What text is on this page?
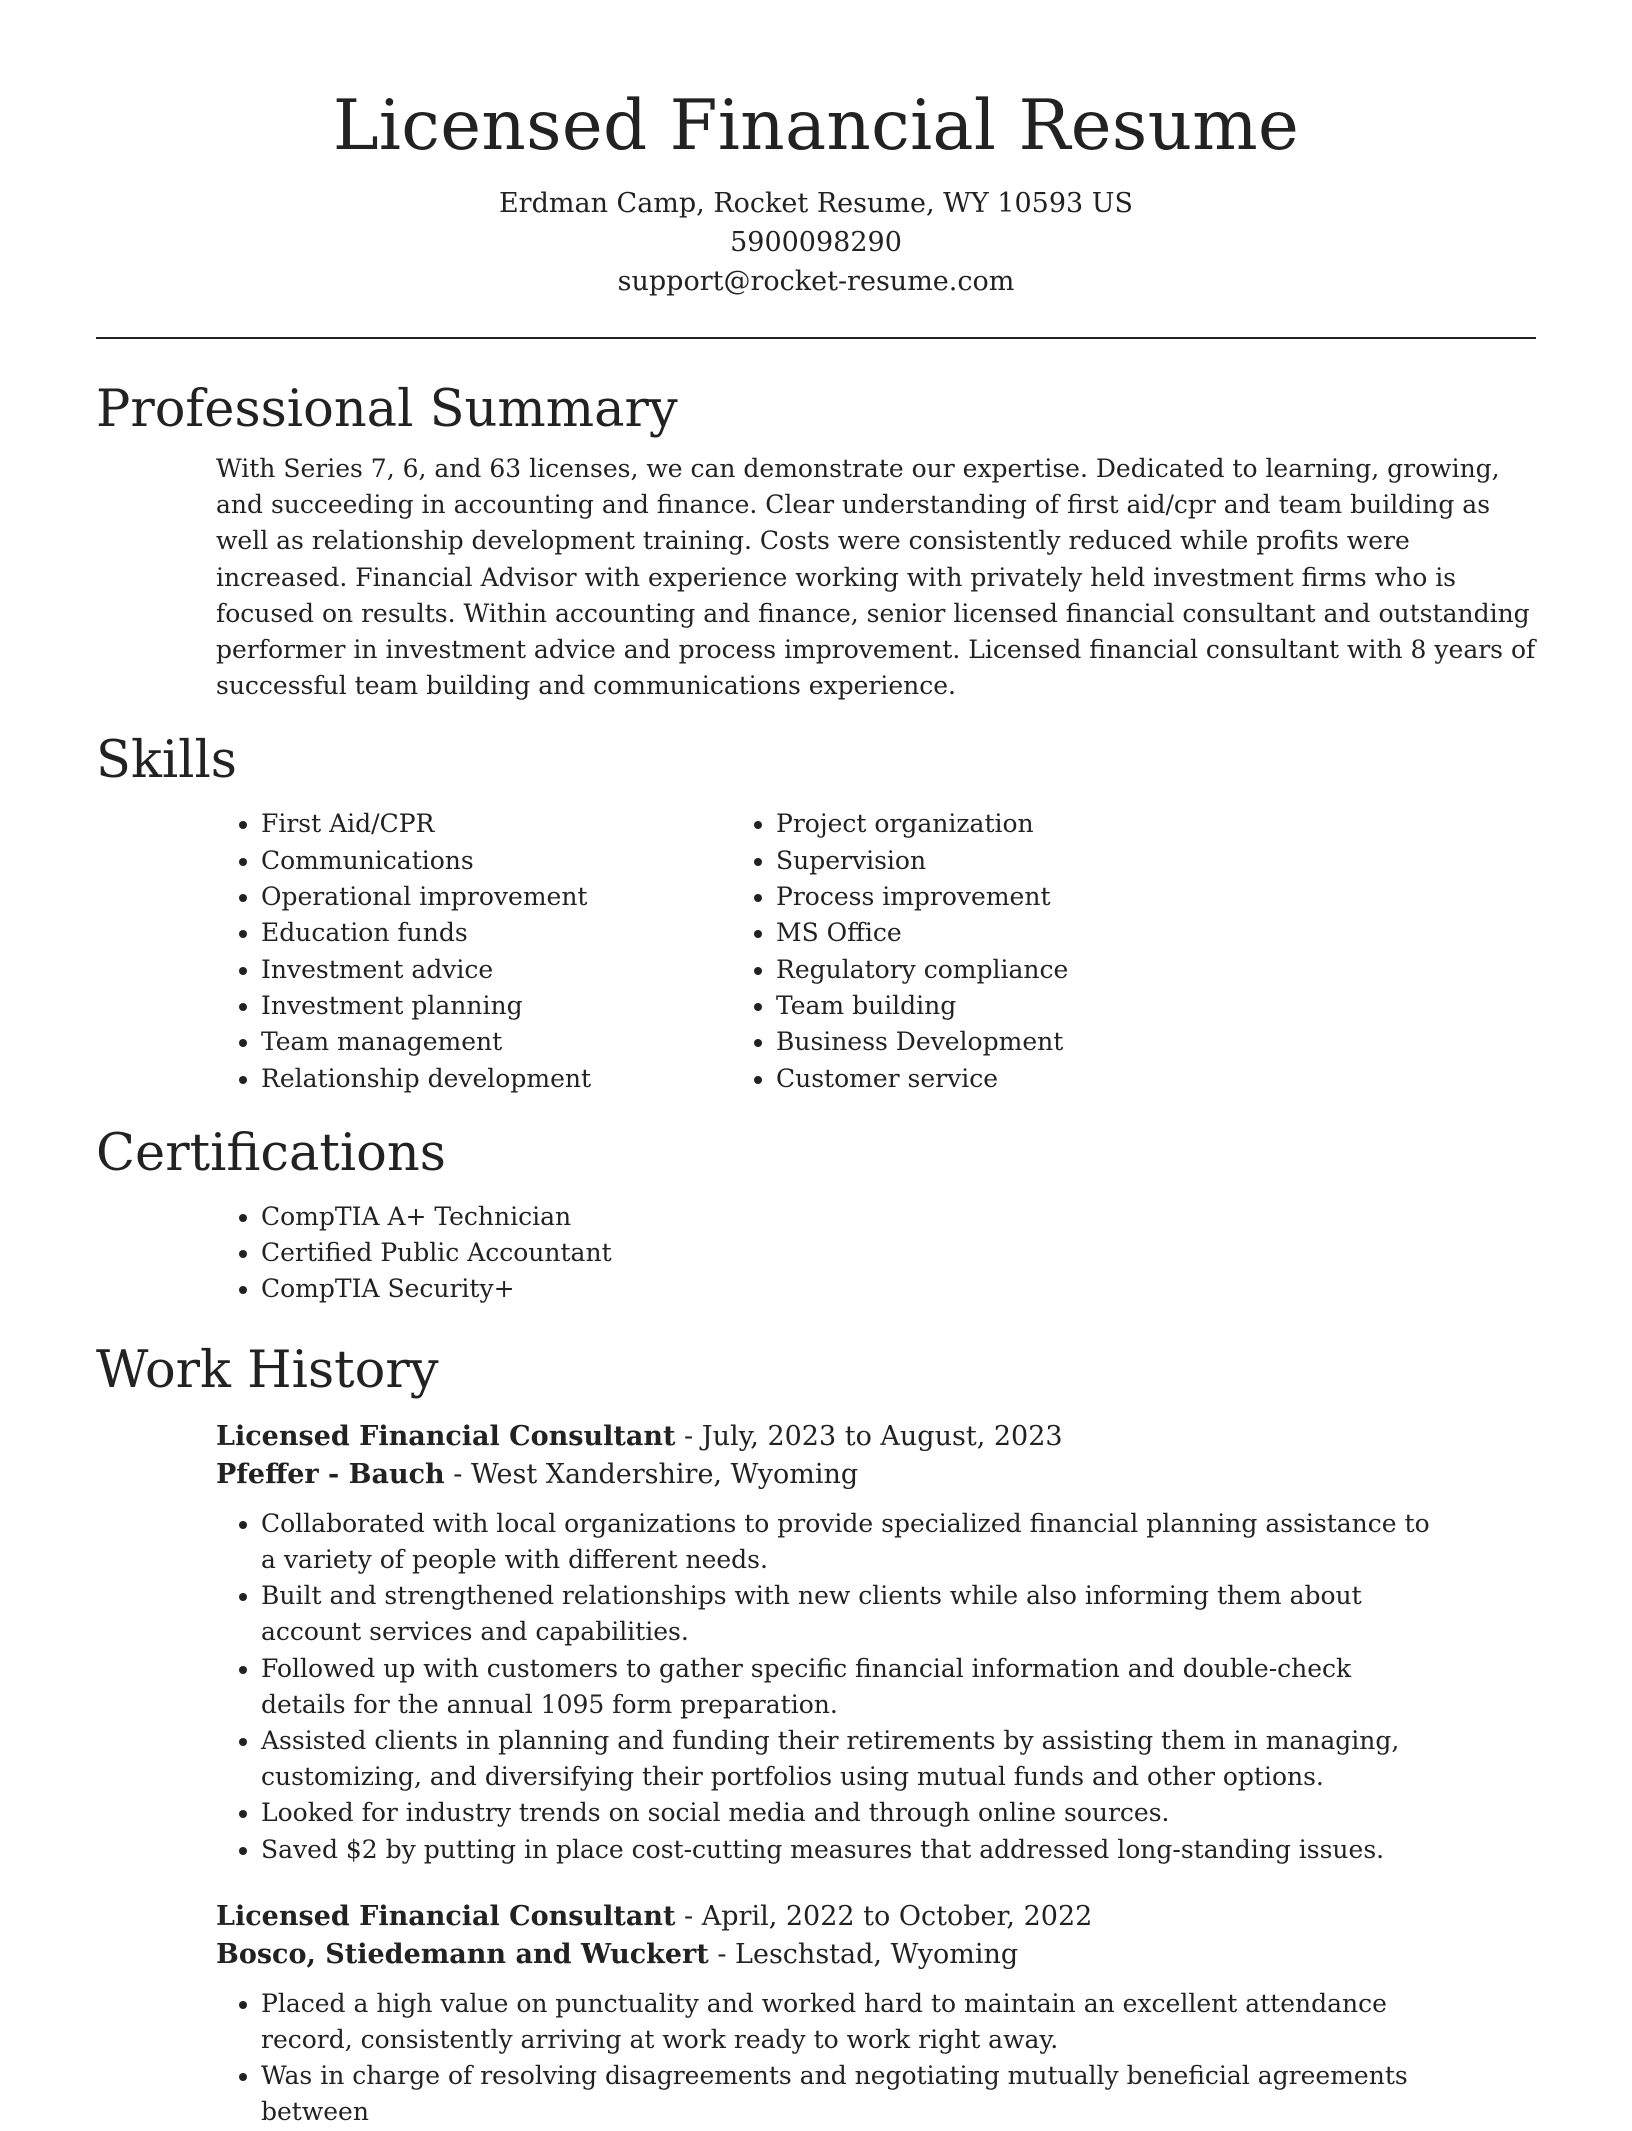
Licensed Financial Resume
Erdman Camp, Rocket Resume, WY 10593 US
5900098290
support@rocket-resume.com
Professional Summary
With Series 7, 6, and 63 licenses, we can demonstrate our expertise. Dedicated to learning, growing, and succeeding in accounting and finance. Clear understanding of first aid/cpr and team building as well as relationship development training. Costs were consistently reduced while profits were increased. Financial Advisor with experience working with privately held investment firms who is focused on results. Within accounting and finance, senior licensed financial consultant and outstanding performer in investment advice and process improvement. Licensed financial consultant with 8 years of successful team building and communications experience.
Skills
• First Aid/CPR
• Communications
• Operational improvement
• Education funds
• Investment advice
• Investment planning
• Team management
• Relationship development
• Project organization
• Supervision
• Process improvement
• MS Office
• Regulatory compliance
• Team building
• Business Development
• Customer service
Certifications
• CompTIA A+ Technician
• Certified Public Accountant
• CompTIA Security+
Work History
Licensed Financial Consultant - July, 2023 to August, 2023
Pfeffer - Bauch - West Xandershire, Wyoming
• Collaborated with local organizations to provide specialized financial planning assistance to a variety of people with different needs.
• Built and strengthened relationships with new clients while also informing them about account services and capabilities.
• Followed up with customers to gather specific financial information and double-check details for the annual 1095 form preparation.
• Assisted clients in planning and funding their retirements by assisting them in managing, customizing, and diversifying their portfolios using mutual funds and other options.
• Looked for industry trends on social media and through online sources.
• Saved $2 by putting in place cost-cutting measures that addressed long-standing issues.
Licensed Financial Consultant - April, 2022 to October, 2022
Bosco, Stiedemann and Wuckert - Leschstad, Wyoming
• Placed a high value on punctuality and worked hard to maintain an excellent attendance record, consistently arriving at work ready to work right away.
• Was in charge of resolving disagreements and negotiating mutually beneficial agreements between
